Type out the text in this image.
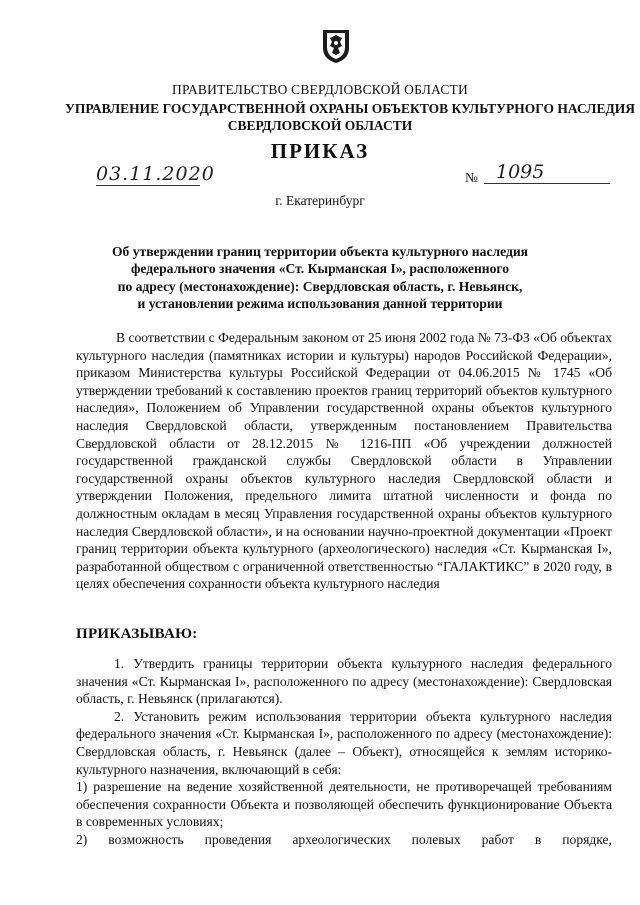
ПРАВИТЕЛЬСТВО СВЕРДЛОВСКОЙ ОБЛАСТИ
УПРАВЛЕНИЕ ГОСУДАРСТВЕННОЙ ОХРАНЫ ОБЪЕКТОВ КУЛЬТУРНОГО НАСЛЕДИЯ
СВЕРДЛОВСКОЙ ОБЛАСТИ
ПРИКАЗ
03.11.2020	№ 1095
г. Екатеринбург
Об утверждении границ территории объекта культурного наследия
федерального значения «Ст. Кырманская I», расположенного
по адресу (местонахождение): Свердловская область, г. Невьянск,
и установлении режима использования данной территории

В соответствии с Федеральным законом от 25 июня 2002 года № 73-ФЗ «Об объектах культурного наследия (памятниках истории и культуры) народов Российской Федерации», приказом Министерства культуры Российской Федерации от 04.06.2015 № 1745 «Об утверждении требований к составлению проектов границ территорий объектов культурного наследия», Положением об Управлении государственной охраны объектов культурного наследия Свердловской области, утвержденным постановлением Правительства Свердловской области от 28.12.2015 № 1216-ПП «Об учреждении должностей государственной гражданской службы Свердловской области в Управлении государственной охраны объектов культурного наследия Свердловской области и утверждении Положения, предельного лимита штатной численности и фонда по должностным окладам в месяц Управления государственной охраны объектов культурного наследия Свердловской области», и на основании научно-проектной документации «Проект границ территории объекта культурного (археологического) наследия «Ст. Кырманская I», разработанной обществом с ограниченной ответственностью “ГАЛАКТИКС” в 2020 году, в целях обеспечения сохранности объекта культурного наследия

ПРИКАЗЫВАЮ:

1. Утвердить границы территории объекта культурного наследия федерального значения «Ст. Кырманская I», расположенного по адресу (местонахождение): Свердловская область, г. Невьянск (прилагаются).

2. Установить режим использования территории объекта культурного наследия федерального значения «Ст. Кырманская I», расположенного по адресу (местонахождение): Свердловская область, г. Невьянск (далее – Объект), относящейся к землям историко-культурного назначения, включающий в себя:

1) разрешение на ведение хозяйственной деятельности, не противоречащей требованиям обеспечения сохранности Объекта и позволяющей обеспечить функционирование Объекта в современных условиях;

2) возможность проведения археологических полевых работ в порядке,
